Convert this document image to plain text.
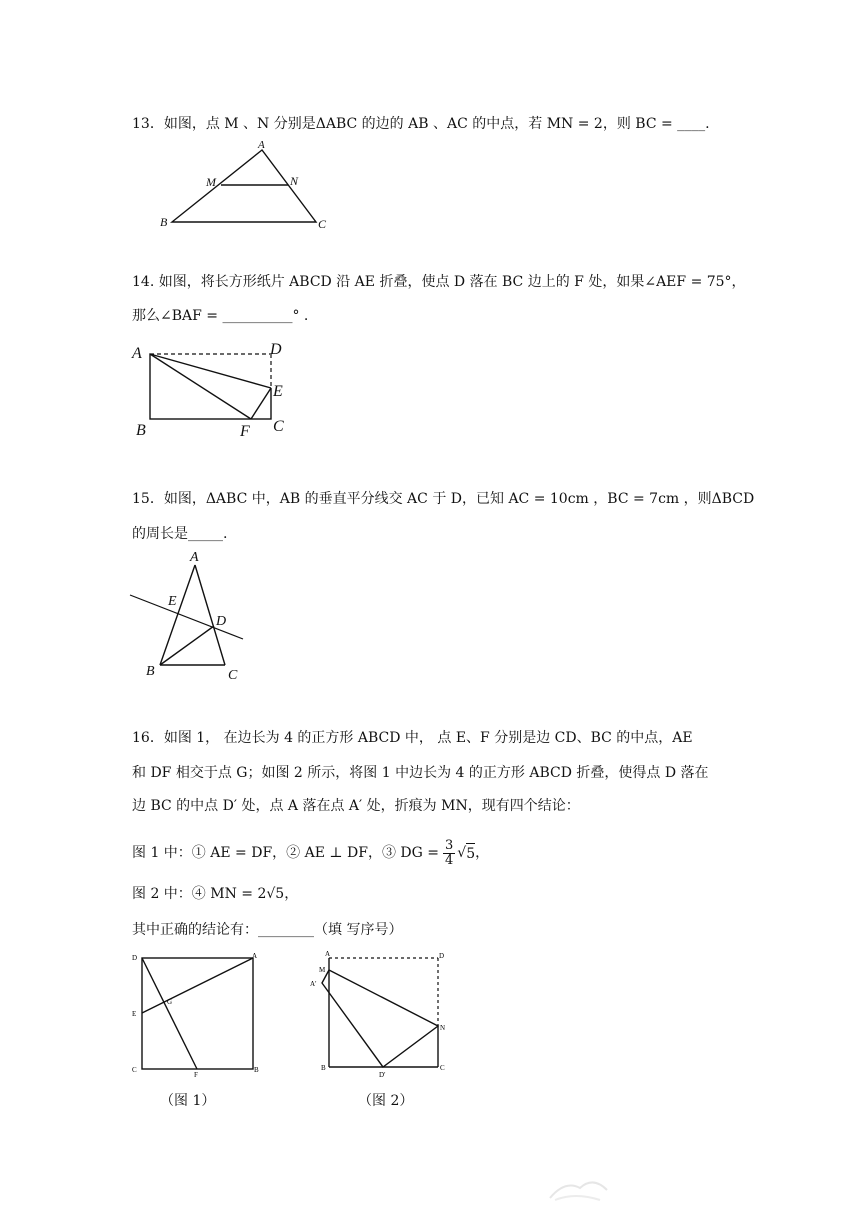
13．如图，点 M 、N 分别是ΔABC 的边的 AB 、AC 的中点，若 MN = 2，则 BC = ____.
A
M	N
B	C
14. 如图，将长方形纸片 ABCD 沿 AE 折叠，使点 D 落在 BC 边上的 F 处，如果∠AEF = 75°，
那么∠BAF = __________° .
A	D
E
B	F C
15．如图，ΔABC 中，AB 的垂直平分线交 AC 于 D，已知 AC = 10cm ，BC = 7cm ，则ΔBCD
的周长是_____.
A
E
D
B	C
16．如图 1， 在边长为 4 的正方形 ABCD 中， 点 E、F 分别是边 CD、BC 的中点，AE
和 DF 相交于点 G；如图 2 所示，将图 1 中边长为 4 的正方形 ABCD 折叠，使得点 D 落在
边 BC 的中点 D′ 处，点 A 落在点 A′ 处，折痕为 MN，现有四个结论：
图 1 中：① AE = DF，② AE ⊥ DF，③ DG = $\frac{3}{4}$ √ 5 ，
图 2 中：④ MN = 2√5，
其中正确的结论有：________（填 写序号）
D	A
E
G
C
F
B
（图 1）
A	D
M
A′
N
B
D′
C
（图 2）
